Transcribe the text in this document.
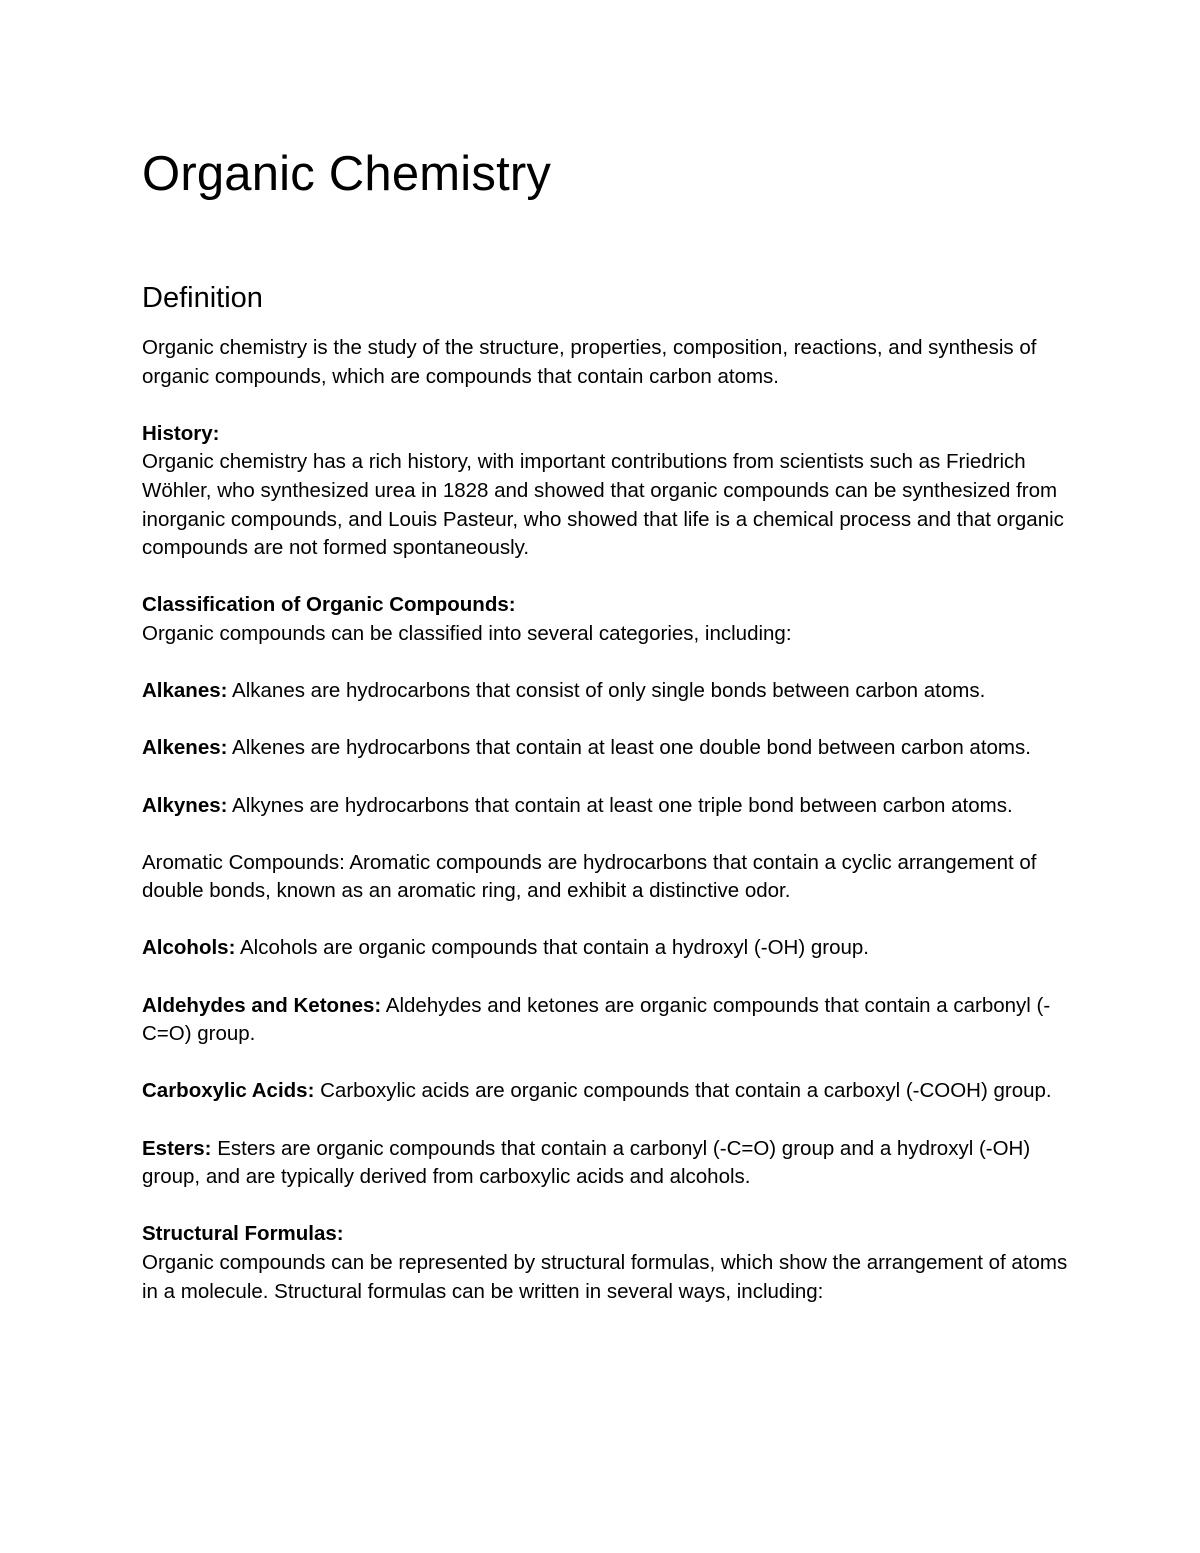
Organic Chemistry
Definition

Organic chemistry is the study of the structure, properties, composition, reactions, and synthesis of organic compounds, which are compounds that contain carbon atoms.

History:

Organic chemistry has a rich history, with important contributions from scientists such as Friedrich Wöhler, who synthesized urea in 1828 and showed that organic compounds can be synthesized from inorganic compounds, and Louis Pasteur, who showed that life is a chemical process and that organic compounds are not formed spontaneously.

Classification of Organic Compounds:

Organic compounds can be classified into several categories, including:

Alkanes: Alkanes are hydrocarbons that consist of only single bonds between carbon atoms.

Alkenes: Alkenes are hydrocarbons that contain at least one double bond between carbon atoms.

Alkynes: Alkynes are hydrocarbons that contain at least one triple bond between carbon atoms.

Aromatic Compounds: Aromatic compounds are hydrocarbons that contain a cyclic arrangement of double bonds, known as an aromatic ring, and exhibit a distinctive odor.

Alcohols: Alcohols are organic compounds that contain a hydroxyl (-OH) group.

Aldehydes and Ketones: Aldehydes and ketones are organic compounds that contain a carbonyl (-C=O) group.

Carboxylic Acids: Carboxylic acids are organic compounds that contain a carboxyl (-COOH) group.

Esters: Esters are organic compounds that contain a carbonyl (-C=O) group and a hydroxyl (-OH) group, and are typically derived from carboxylic acids and alcohols.

Structural Formulas:

Organic compounds can be represented by structural formulas, which show the arrangement of atoms in a molecule. Structural formulas can be written in several ways, including:
